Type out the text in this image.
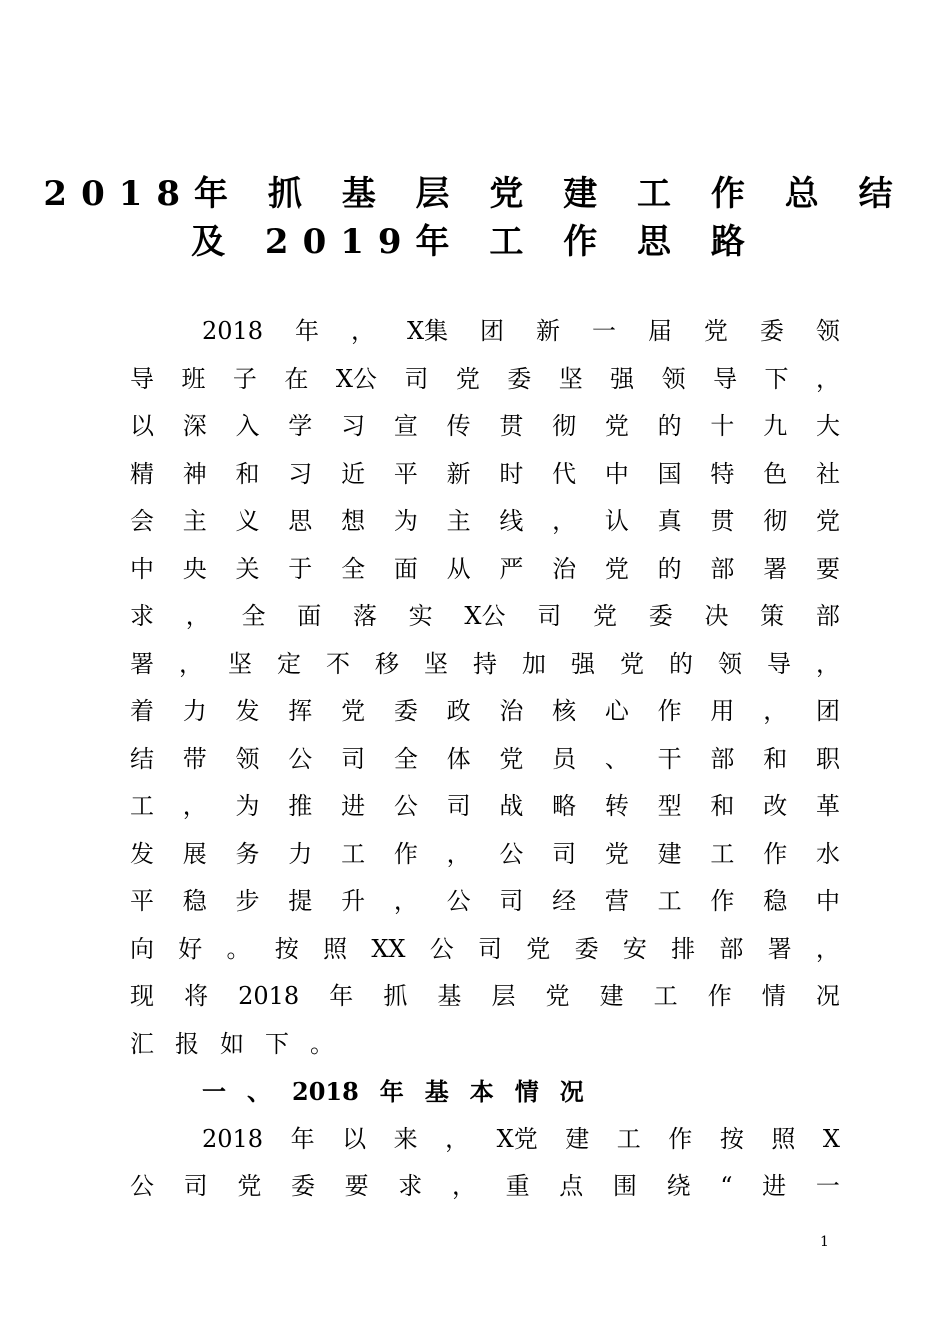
2018年 抓 基 层 党 建 工 作 总 结
及 2019年 工 作 思 路
2018 年 ， X集 团 新 一 届 党 委 领
导 班 子 在 X公 司 党 委 坚 强 领 导 下 ，
以 深 入 学 习 宣 传 贯 彻 党 的 十 九 大
精 神 和 习 近 平 新 时 代 中 国 特 色 社
会 主 义 思 想 为 主 线 ， 认 真 贯 彻 党
中 央 关 于 全 面 从 严 治 党 的 部 署 要
求 ， 全 面 落 实 X公 司 党 委 决 策 部
署 ， 坚 定 不 移 坚 持 加 强 党 的 领 导 ，
着 力 发 挥 党 委 政 治 核 心 作 用 ， 团
结 带 领 公 司 全 体 党 员 、 干 部 和 职
工 ， 为 推 进 公 司 战 略 转 型 和 改 革
发 展 务 力 工 作 ， 公 司 党 建 工 作 水
平 稳 步 提 升 ， 公 司 经 营 工 作 稳 中
向 好 。 按 照 XX 公 司 党 委 安 排 部 署 ，
现 将 2018 年 抓 基 层 党 建 工 作 情 况
汇 报 如 下 。
一 、 2018 年 基 本 情 况
2018 年 以 来 ， X党 建 工 作 按 照 X
公 司 党 委 要 求 ， 重 点 围 绕 “ 进 一
1
